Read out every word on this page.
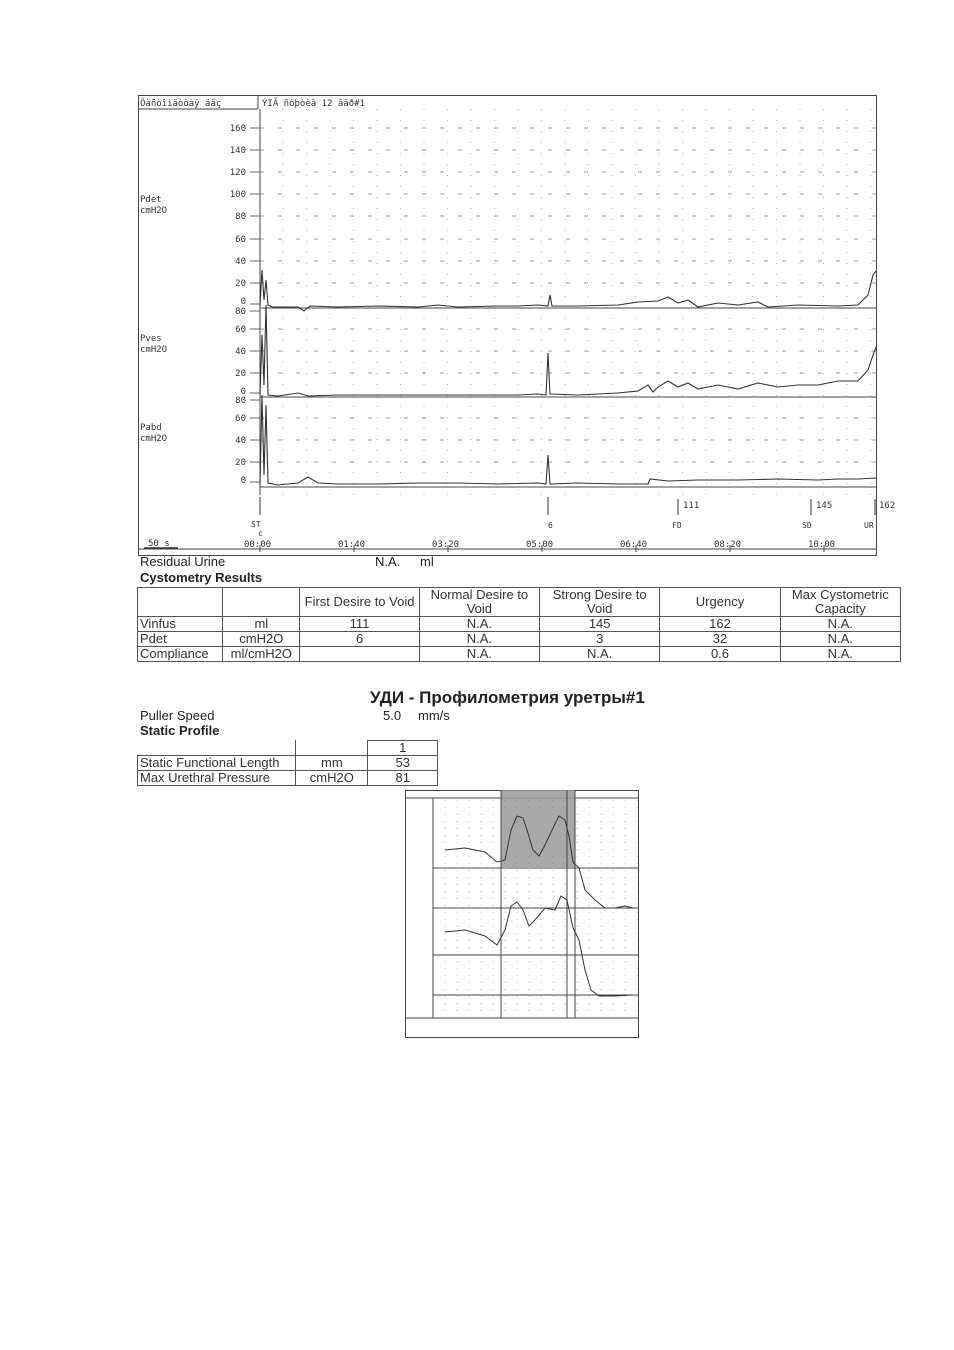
Öàñòîìäòòàÿ ääç	ÝIÃ ñòþòèâ 12 ãäð#1
Pdet
cmH2O
Pves
cmH2O
Pabd
cmH2O
160
140
120
100
80
60
40
20
0
80
60
40
20
0
80
60
40
20
0
111	145	162
ST
c
6	FD	SD	UR
50 s	00:00	01:40	03:20	05:00	06:40	08:20	10:00
Residual Urine	N.A. ml
Cystometry Results
		First Desire to Void	Normal Desire to Void	Strong Desire to Void	Urgency	Max Cystometric Capacity
Vinfus	ml	111	N.A.	145	162	N.A.
Pdet	cmH2O	6	N.A.	3	32	N.A.
Compliance	ml/cmH2O		N.A.	N.A.	0.6	N.A.
УДИ - Профилометрия уретры#1
Puller Speed	5.0 mm/s
Static Profile
		1
Static Functional Length	mm	53
Max Urethral Pressure	cmH2O	81
